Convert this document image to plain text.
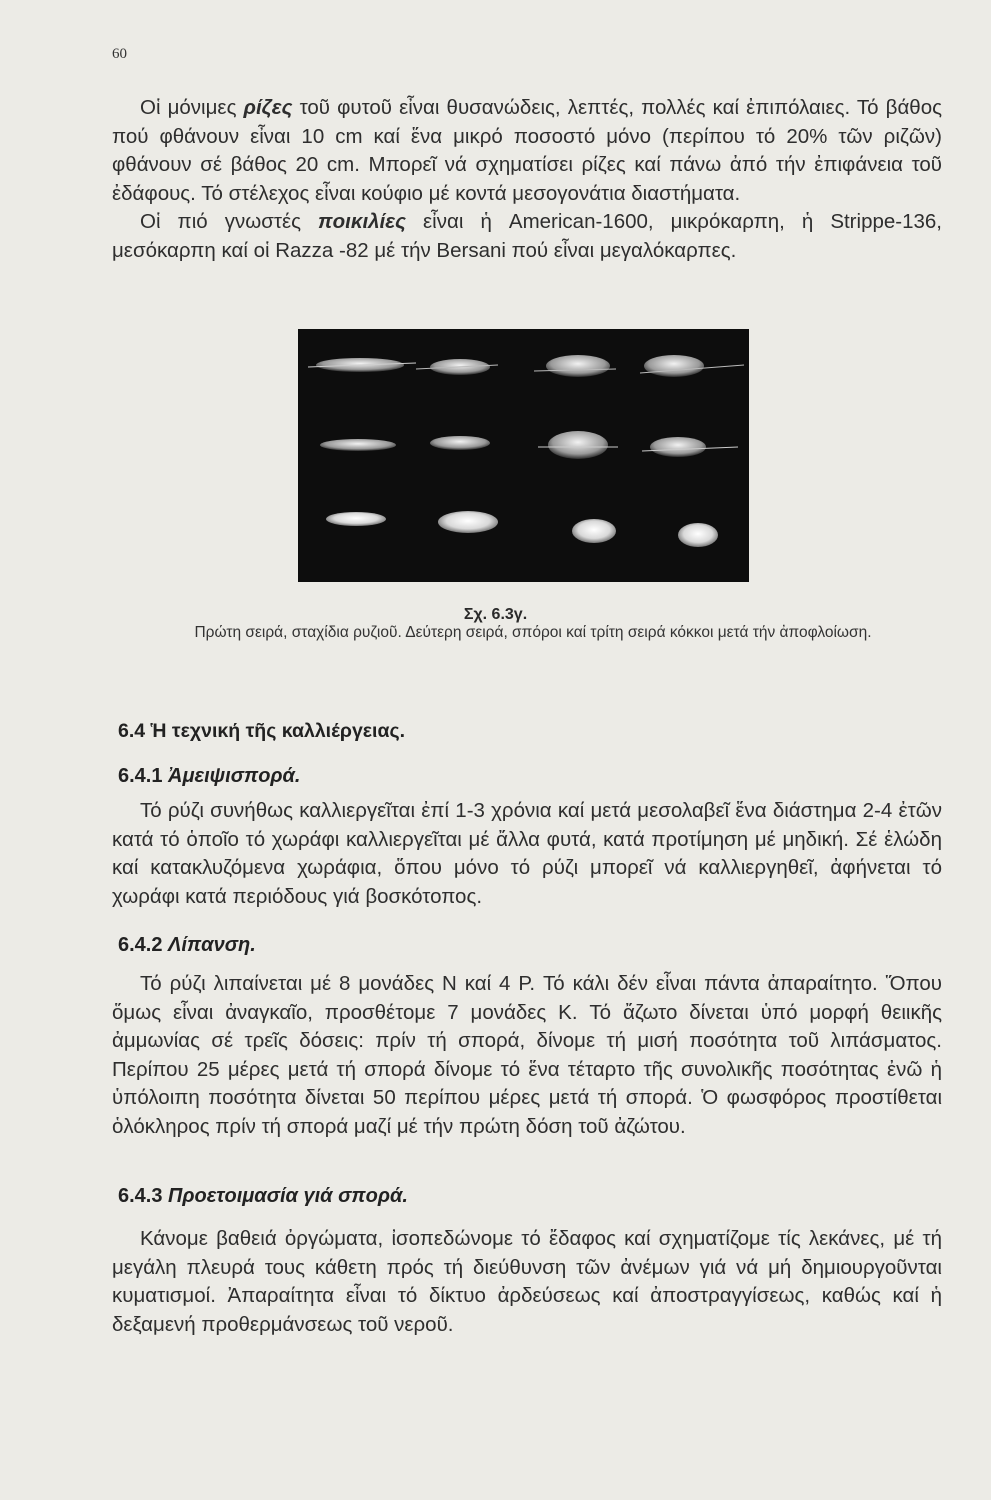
60

Οἱ μόνιμες ρίζες τοῦ φυτοῦ εἶναι θυσανώδεις, λεπτές, πολλές καί ἐπιπόλαιες. Τό βάθος πού φθάνουν εἶναι 10 cm καί ἕνα μικρό ποσοστό μόνο (περίπου τό 20% τῶν ριζῶν) φθάνουν σέ βάθος 20 cm. Μπορεῖ νά σχηματίσει ρίζες καί πάνω ἀπό τήν ἐπιφάνεια τοῦ ἐδάφους. Τό στέλεχος εἶναι κούφιο μέ κοντά μεσογονάτια διαστήματα.

Οἱ πιό γνωστές ποικιλίες εἶναι ἡ American-1600, μικρόκαρπη, ἡ Strippe-136, μεσόκαρπη καί οἱ Razza -82 μέ τήν Bersani πού εἶναι μεγαλόκαρπες.

Σχ. 6.3γ.
Πρώτη σειρά, σταχίδια ρυζιοῦ. Δεύτερη σειρά, σπόροι καί τρίτη σειρά κόκκοι μετά τήν ἀποφλοίωση.
6.4 Ἡ τεχνική τῆς καλλιέργειας.
6.4.1 Ἀμειψισπορά.

Τό ρύζι συνήθως καλλιεργεῖται ἐπί 1-3 χρόνια καί μετά μεσολαβεῖ ἕνα διάστημα 2-4 ἐτῶν κατά τό ὁποῖο τό χωράφι καλλιεργεῖται μέ ἄλλα φυτά, κατά προτίμηση μέ μηδική. Σέ ἑλώδη καί κατακλυζόμενα χωράφια, ὅπου μόνο τό ρύζι μπορεῖ νά καλλιεργηθεῖ, ἀφήνεται τό χωράφι κατά περιόδους γιά βοσκότοπος.

6.4.2 Λίπανση.

Τό ρύζι λιπαίνεται μέ 8 μονάδες N καί 4 P. Τό κάλι δέν εἶναι πάντα ἀπαραίτητο. Ὅπου ὅμως εἶναι ἀναγκαῖο, προσθέτομε 7 μονάδες K. Τό ἄζωτο δίνεται ὑπό μορφή θειικῆς ἀμμωνίας σέ τρεῖς δόσεις: πρίν τή σπορά, δίνομε τή μισή ποσότητα τοῦ λιπάσματος. Περίπου 25 μέρες μετά τή σπορά δίνομε τό ἕνα τέταρτο τῆς συνολικῆς ποσότητας ἐνῶ ἡ ὑπόλοιπη ποσότητα δίνεται 50 περίπου μέρες μετά τή σπορά. Ὁ φωσφόρος προστίθεται ὁλόκληρος πρίν τή σπορά μαζί μέ τήν πρώτη δόση τοῦ ἀζώτου.

6.4.3 Προετοιμασία γιά σπορά.

Κάνομε βαθειά ὀργώματα, ἰσοπεδώνομε τό ἔδαφος καί σχηματίζομε τίς λεκάνες, μέ τή μεγάλη πλευρά τους κάθετη πρός τή διεύθυνση τῶν ἀνέμων γιά νά μή δημιουργοῦνται κυματισμοί. Ἀπαραίτητα εἶναι τό δίκτυο ἀρδεύσεως καί ἀποστραγγίσεως, καθώς καί ἡ δεξαμενή προθερμάνσεως τοῦ νεροῦ.
